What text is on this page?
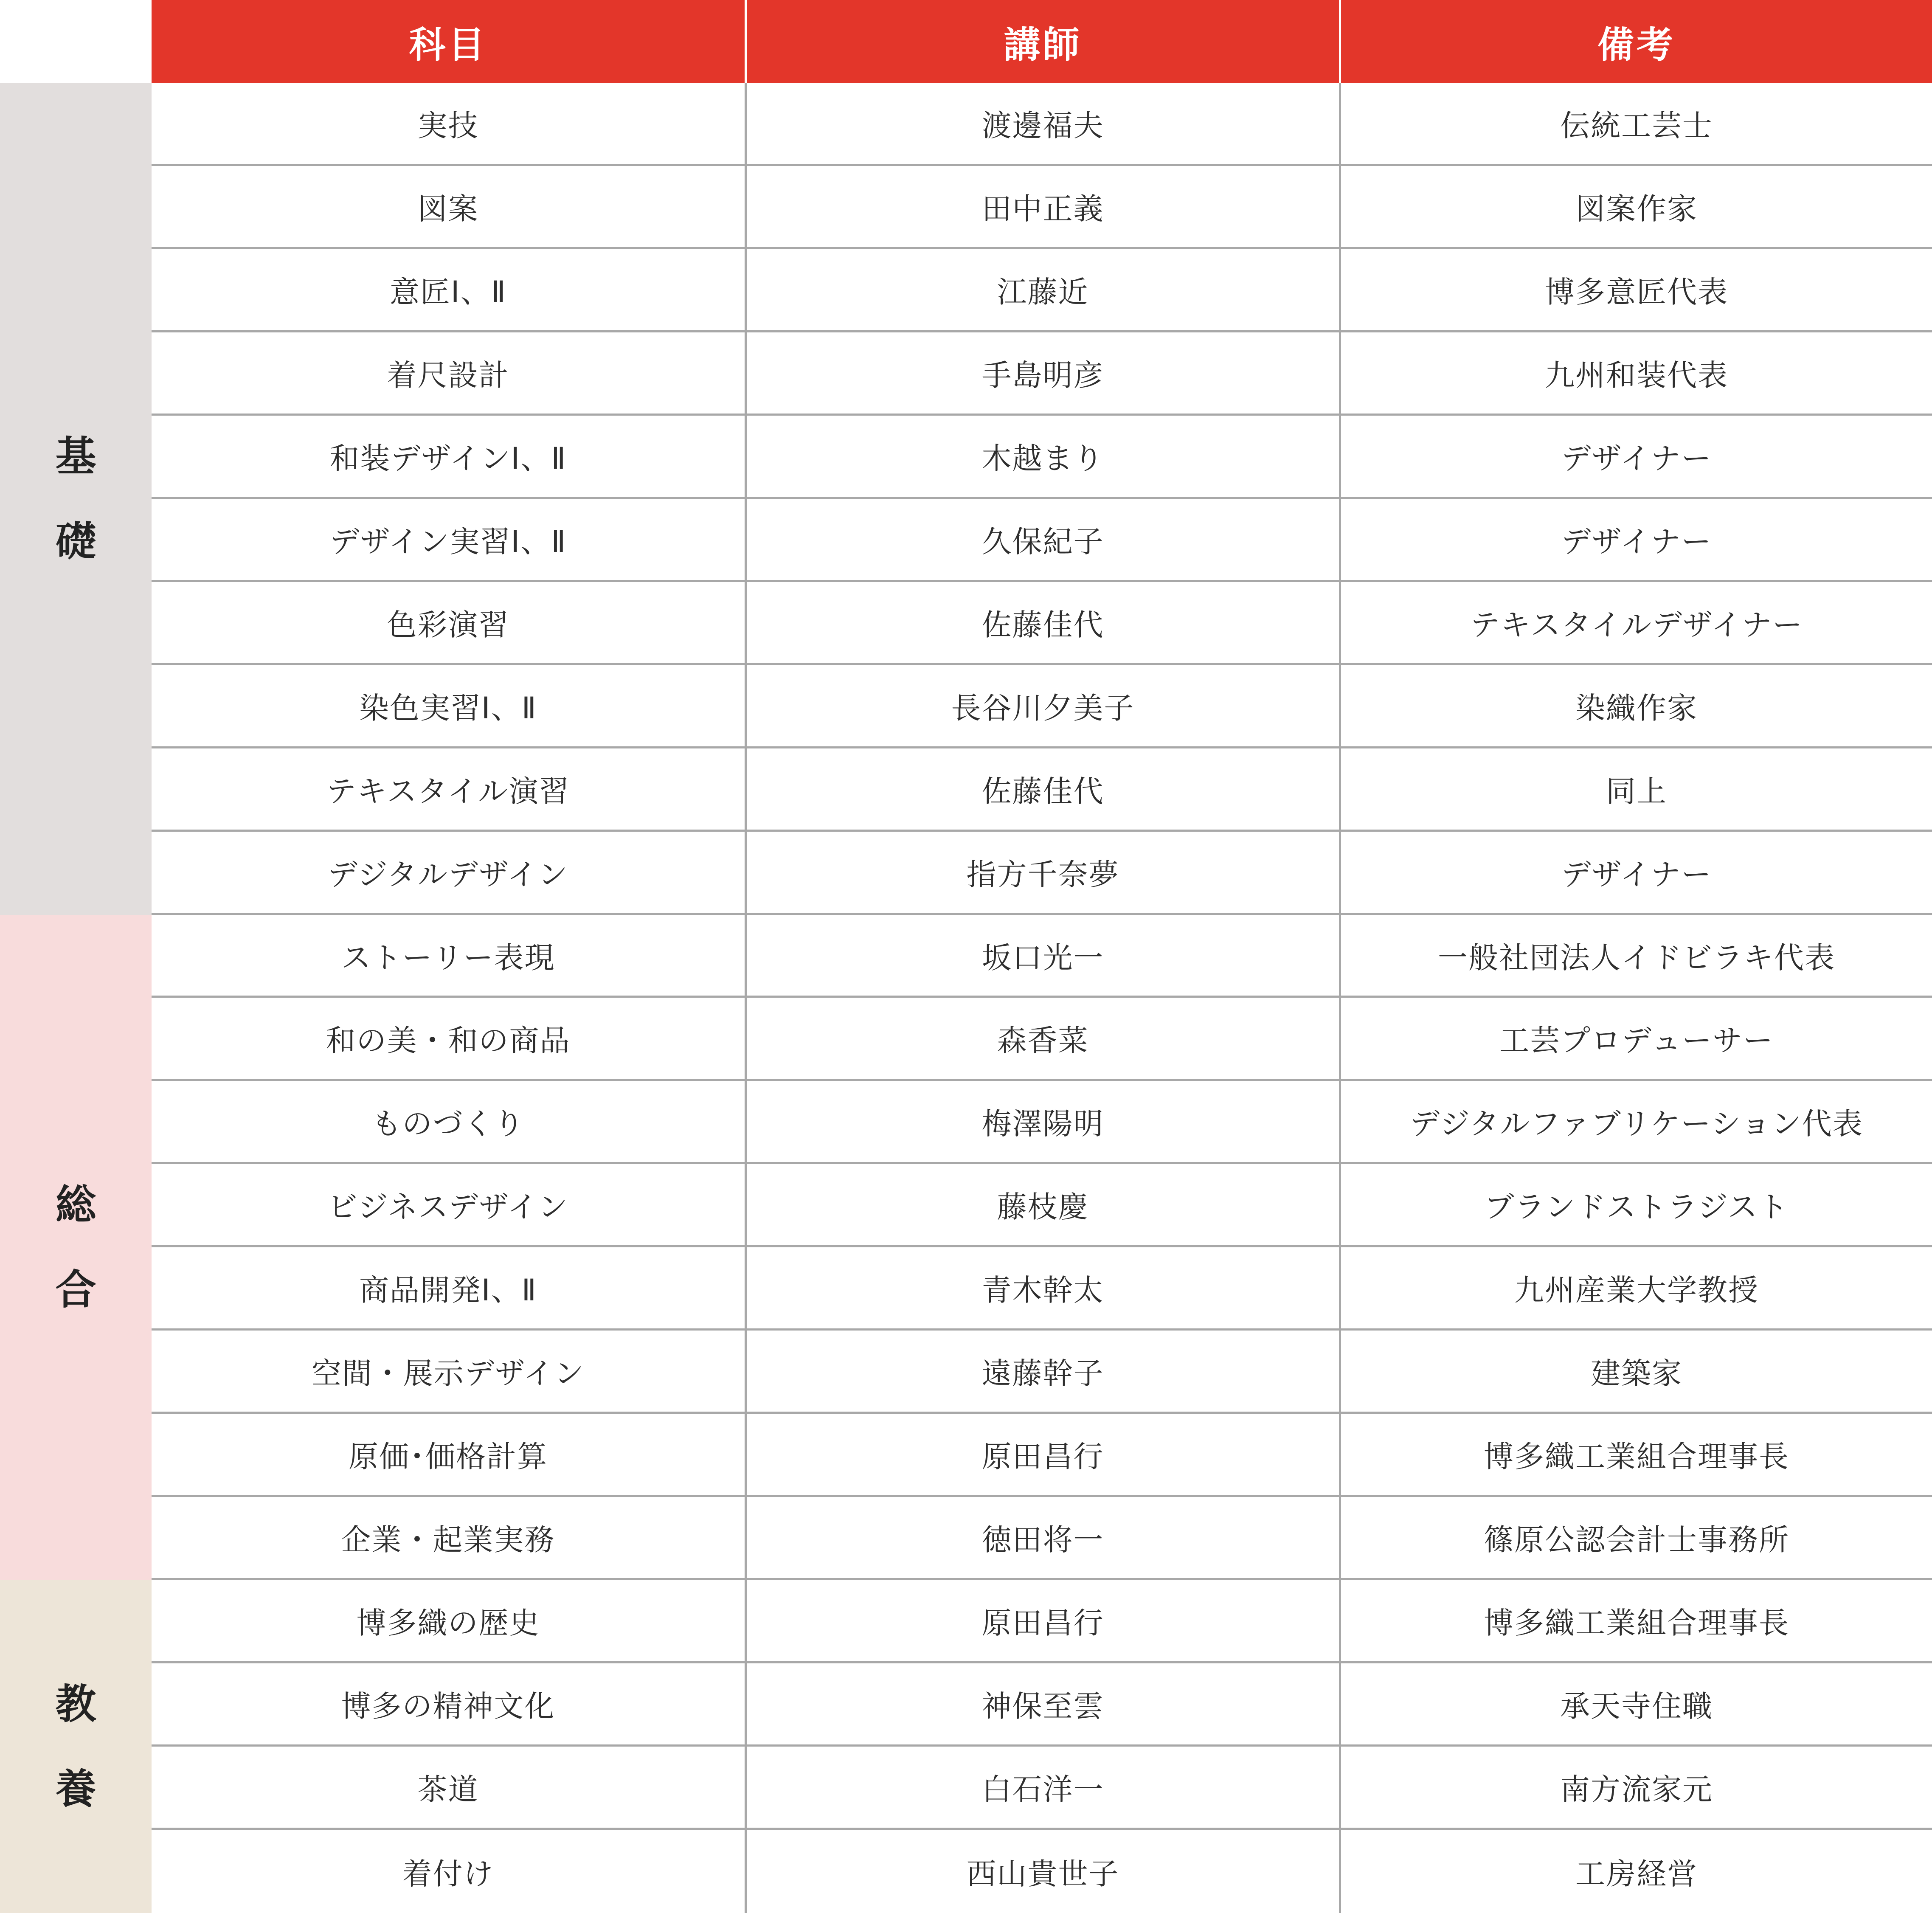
科目	講師	備考
基
礎
総
合
教
養
実技	渡邊福夫	伝統工芸士
図案	田中正義	図案作家
意匠Ⅰ、Ⅱ	江藤近	博多意匠代表
着尺設計	手島明彦	九州和装代表
和装デザインⅠ、Ⅱ	木越まり	デザイナー
デザイン実習Ⅰ、Ⅱ	久保紀子	デザイナー
色彩演習	佐藤佳代	テキスタイルデザイナー
染色実習Ⅰ、Ⅱ	長谷川夕美子	染織作家
テキスタイル演習	佐藤佳代	同上
デジタルデザイン	指方千奈夢	デザイナー
ストーリー表現	坂口光一	一般社団法人イドビラキ代表
和の美・和の商品	森香菜	工芸プロデューサー
ものづくり	梅澤陽明	デジタルファブリケーション代表
ビジネスデザイン	藤枝慶	ブランドストラジスト
商品開発Ⅰ、Ⅱ	青木幹太	九州産業大学教授
空間・展示デザイン	遠藤幹子	建築家
原価･価格計算	原田昌行	博多織工業組合理事長
企業・起業実務	徳田将一	篠原公認会計士事務所
博多織の歴史	原田昌行	博多織工業組合理事長
博多の精神文化	神保至雲	承天寺住職
茶道	白石洋一	南方流家元
着付け	西山貴世子	工房経営
